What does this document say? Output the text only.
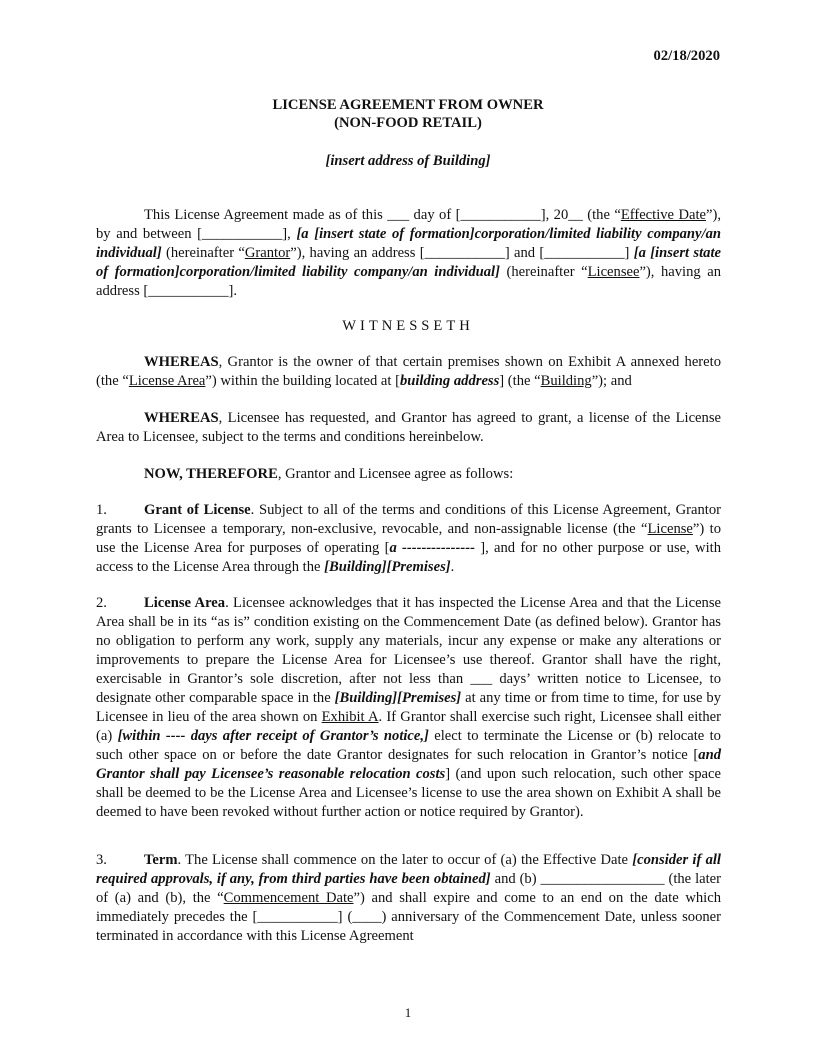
02/18/2020
LICENSE AGREEMENT FROM OWNER
(NON-FOOD RETAIL)
[insert address of Building]

This License Agreement made as of this ___ day of [___________], 20__ (the “Effective Date”), by and between [___________], [a [insert state of formation]corporation/limited liability company/an individual] (hereinafter “Grantor”), having an address [___________] and [___________] [a [insert state of formation]corporation/limited liability company/an individual] (hereinafter “Licensee”), having an address [___________].

WITNESSETH

WHEREAS, Grantor is the owner of that certain premises shown on Exhibit A annexed hereto (the “License Area”) within the building located at [building address] (the “Building”); and

WHEREAS, Licensee has requested, and Grantor has agreed to grant, a license of the License Area to Licensee, subject to the terms and conditions hereinbelow.

NOW, THEREFORE, Grantor and Licensee agree as follows:

1.	Grant of License. Subject to all of the terms and conditions of this License Agreement, Grantor grants to Licensee a temporary, non-exclusive, revocable, and non-assignable license (the “License”) to use the License Area for purposes of operating [a --------------- ], and for no other purpose or use, with access to the License Area through the [Building][Premises].

2.	License Area. Licensee acknowledges that it has inspected the License Area and that the License Area shall be in its “as is” condition existing on the Commencement Date (as defined below). Grantor has no obligation to perform any work, supply any materials, incur any expense or make any alterations or improvements to prepare the License Area for Licensee’s use thereof. Grantor shall have the right, exercisable in Grantor’s sole discretion, after not less than ___ days’ written notice to Licensee, to designate other comparable space in the [Building][Premises] at any time or from time to time, for use by Licensee in lieu of the area shown on Exhibit A. If Grantor shall exercise such right, Licensee shall either (a) [within ---- days after receipt of Grantor’s notice,] elect to terminate the License or (b) relocate to such other space on or before the date Grantor designates for such relocation in Grantor’s notice [and Grantor shall pay Licensee’s reasonable relocation costs] (and upon such relocation, such other space shall be deemed to be the License Area and Licensee’s license to use the area shown on Exhibit A shall be deemed to have been revoked without further action or notice required by Grantor).

3.	Term. The License shall commence on the later to occur of (a) the Effective Date [consider if all required approvals, if any, from third parties have been obtained] and (b) _________________ (the later of (a) and (b), the “Commencement Date”) and shall expire and come to an end on the date which immediately precedes the [___________] (____) anniversary of the Commencement Date, unless sooner terminated in accordance with this License Agreement

1
